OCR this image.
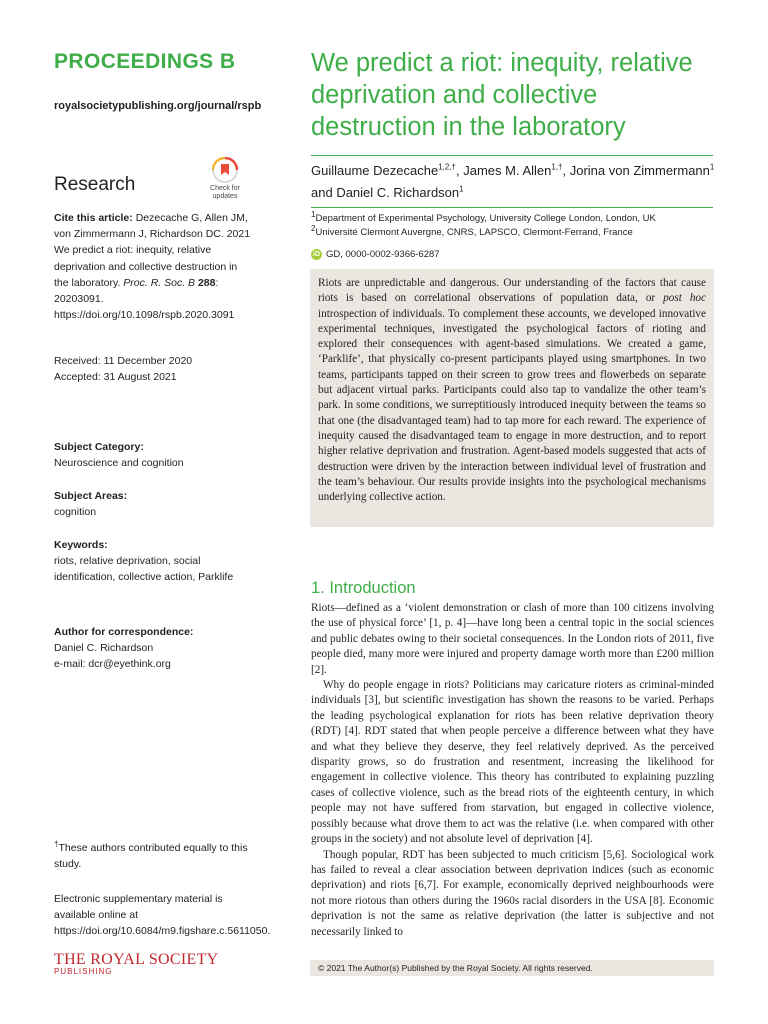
PROCEEDINGS B
royalsocietypublishing.org/journal/rspb
Research	Check for
updates
Cite this article: Dezecache G, Allen JM, von Zimmermann J, Richardson DC. 2021 We predict a riot: inequity, relative deprivation and collective destruction in the laboratory. Proc. R. Soc. B 288: 20203091.
https://doi.org/10.1098/rspb.2020.3091
Received: 11 December 2020
Accepted: 31 August 2021
Subject Category:
Neuroscience and cognition
Subject Areas:
cognition
Keywords:
riots, relative deprivation, social identification, collective action, Parklife
Author for correspondence:
Daniel C. Richardson
e-mail: dcr@eyethink.org
†These authors contributed equally to this study.
Electronic supplementary material is available online at https://doi.org/10.6084/m9.figshare.c.5611050.
THE ROYAL SOCIETY
PUBLISHING
We predict a riot: inequity, relative deprivation and collective destruction in the laboratory
Guillaume Dezecache$^{1,2,\dagger}$, James M. Allen$^{1,\dagger}$, Jorina von Zimmermann$^1$ and Daniel C. Richardson$^1$
$^1$Department of Experimental Psychology, University College London, London, UK
$^2$Université Clermont Auvergne, CNRS, LAPSCO, Clermont-Ferrand, France
iD GD, 0000-0002-9366-6287

Riots are unpredictable and dangerous. Our understanding of the factors that cause riots is based on correlational observations of population data, or post hoc introspection of individuals. To complement these accounts, we developed innovative experimental techniques, investigated the psychological factors of rioting and explored their consequences with agent-based simulations. We created a game, ‘Parklife’, that physically co-present participants played using smartphones. In two teams, participants tapped on their screen to grow trees and flowerbeds on separate but adjacent virtual parks. Participants could also tap to vandalize the other team’s park. In some conditions, we surreptitiously introduced inequity between the teams so that one (the disadvantaged team) had to tap more for each reward. The experience of inequity caused the disadvantaged team to engage in more destruction, and to report higher relative deprivation and frustration. Agent-based models suggested that acts of destruction were driven by the interaction between individual level of frustration and the team’s behaviour. Our results provide insights into the psychological mechanisms underlying collective action.

1. Introduction

Riots—defined as a ‘violent demonstration or clash of more than 100 citizens involving the use of physical force’ [1, p. 4]—have long been a central topic in the social sciences and public debates owing to their societal consequences. In the London riots of 2011, five people died, many more were injured and property damage worth more than £200 million [2].

Why do people engage in riots? Politicians may caricature rioters as criminal-minded individuals [3], but scientific investigation has shown the reasons to be varied. Perhaps the leading psychological explanation for riots has been relative deprivation theory (RDT) [4]. RDT stated that when people perceive a difference between what they have and what they believe they deserve, they feel relatively deprived. As the perceived disparity grows, so do frustration and resentment, increasing the likelihood for engagement in collective violence. This theory has contributed to explaining puzzling cases of collective violence, such as the bread riots of the eighteenth century, in which people may not have suffered from starvation, but engaged in collective violence, possibly because what drove them to act was the relative (i.e. when compared with other groups in the society) and not absolute level of deprivation [4].

Though popular, RDT has been subjected to much criticism [5,6]. Sociological work has failed to reveal a clear association between deprivation indices (such as economic deprivation) and riots [6,7]. For example, economically deprived neighbourhoods were not more riotous than others during the 1960s racial disorders in the USA [8]. Economic deprivation is not the same as relative deprivation (the latter is subjective and not necessarily linked to

© 2021 The Author(s) Published by the Royal Society. All rights reserved.
